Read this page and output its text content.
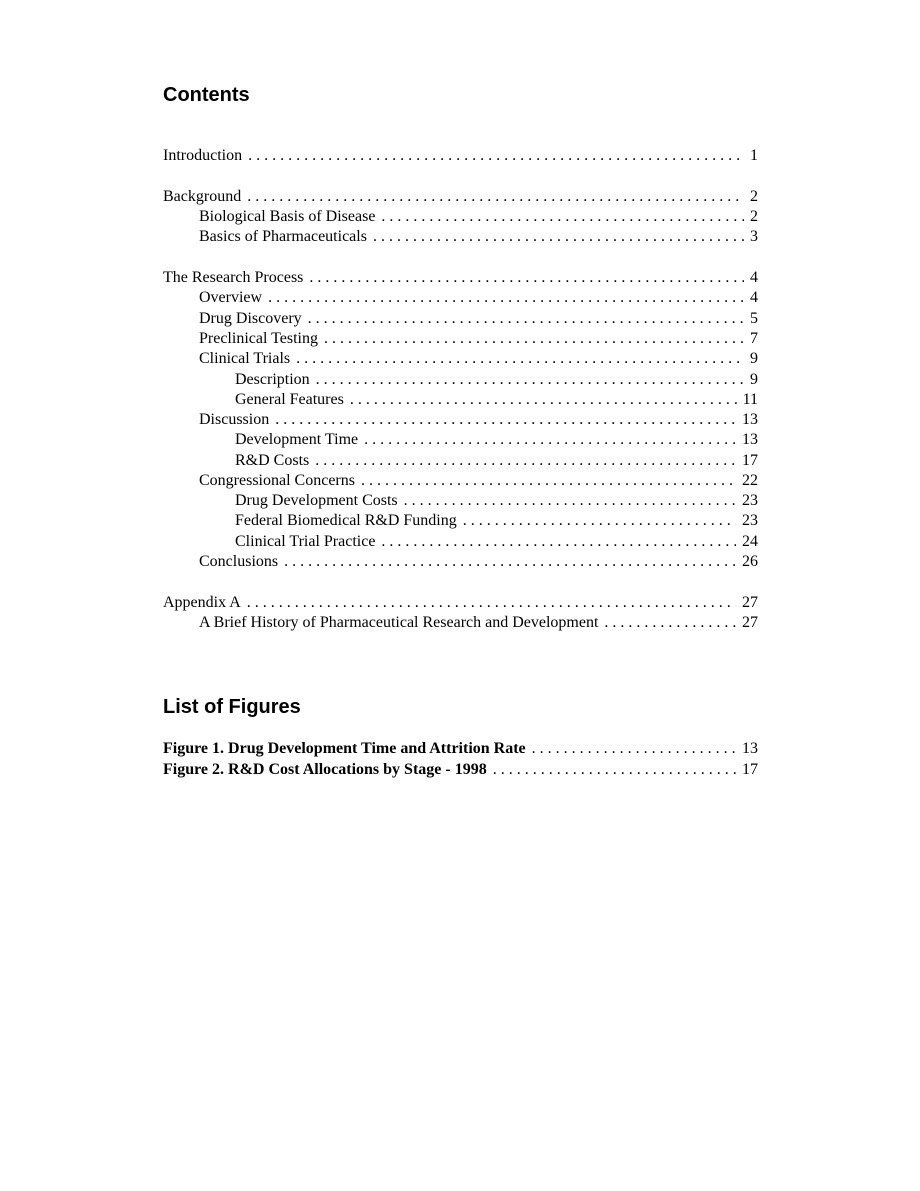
Contents
Introduction . . .	1
Background . . .	2
Biological Basis of Disease . . .	2
Basics of Pharmaceuticals . . .	3
The Research Process . . .	4
Overview . . .	4
Drug Discovery . . .	5
Preclinical Testing . . .	7
Clinical Trials . . .	9
Description . . .	9
General Features . . .	11
Discussion . . .	13
Development Time . . .	13
R&D Costs . . .	17
Congressional Concerns . . .	22
Drug Development Costs . . .	23
Federal Biomedical R&D Funding . . .	23
Clinical Trial Practice . . .	24
Conclusions . . .	26
Appendix A . . .	27
A Brief History of Pharmaceutical Research and Development . . .	27
List of Figures
Figure 1. Drug Development Time and Attrition Rate . . .	13
Figure 2. R&D Cost Allocations by Stage - 1998 . . .	17
